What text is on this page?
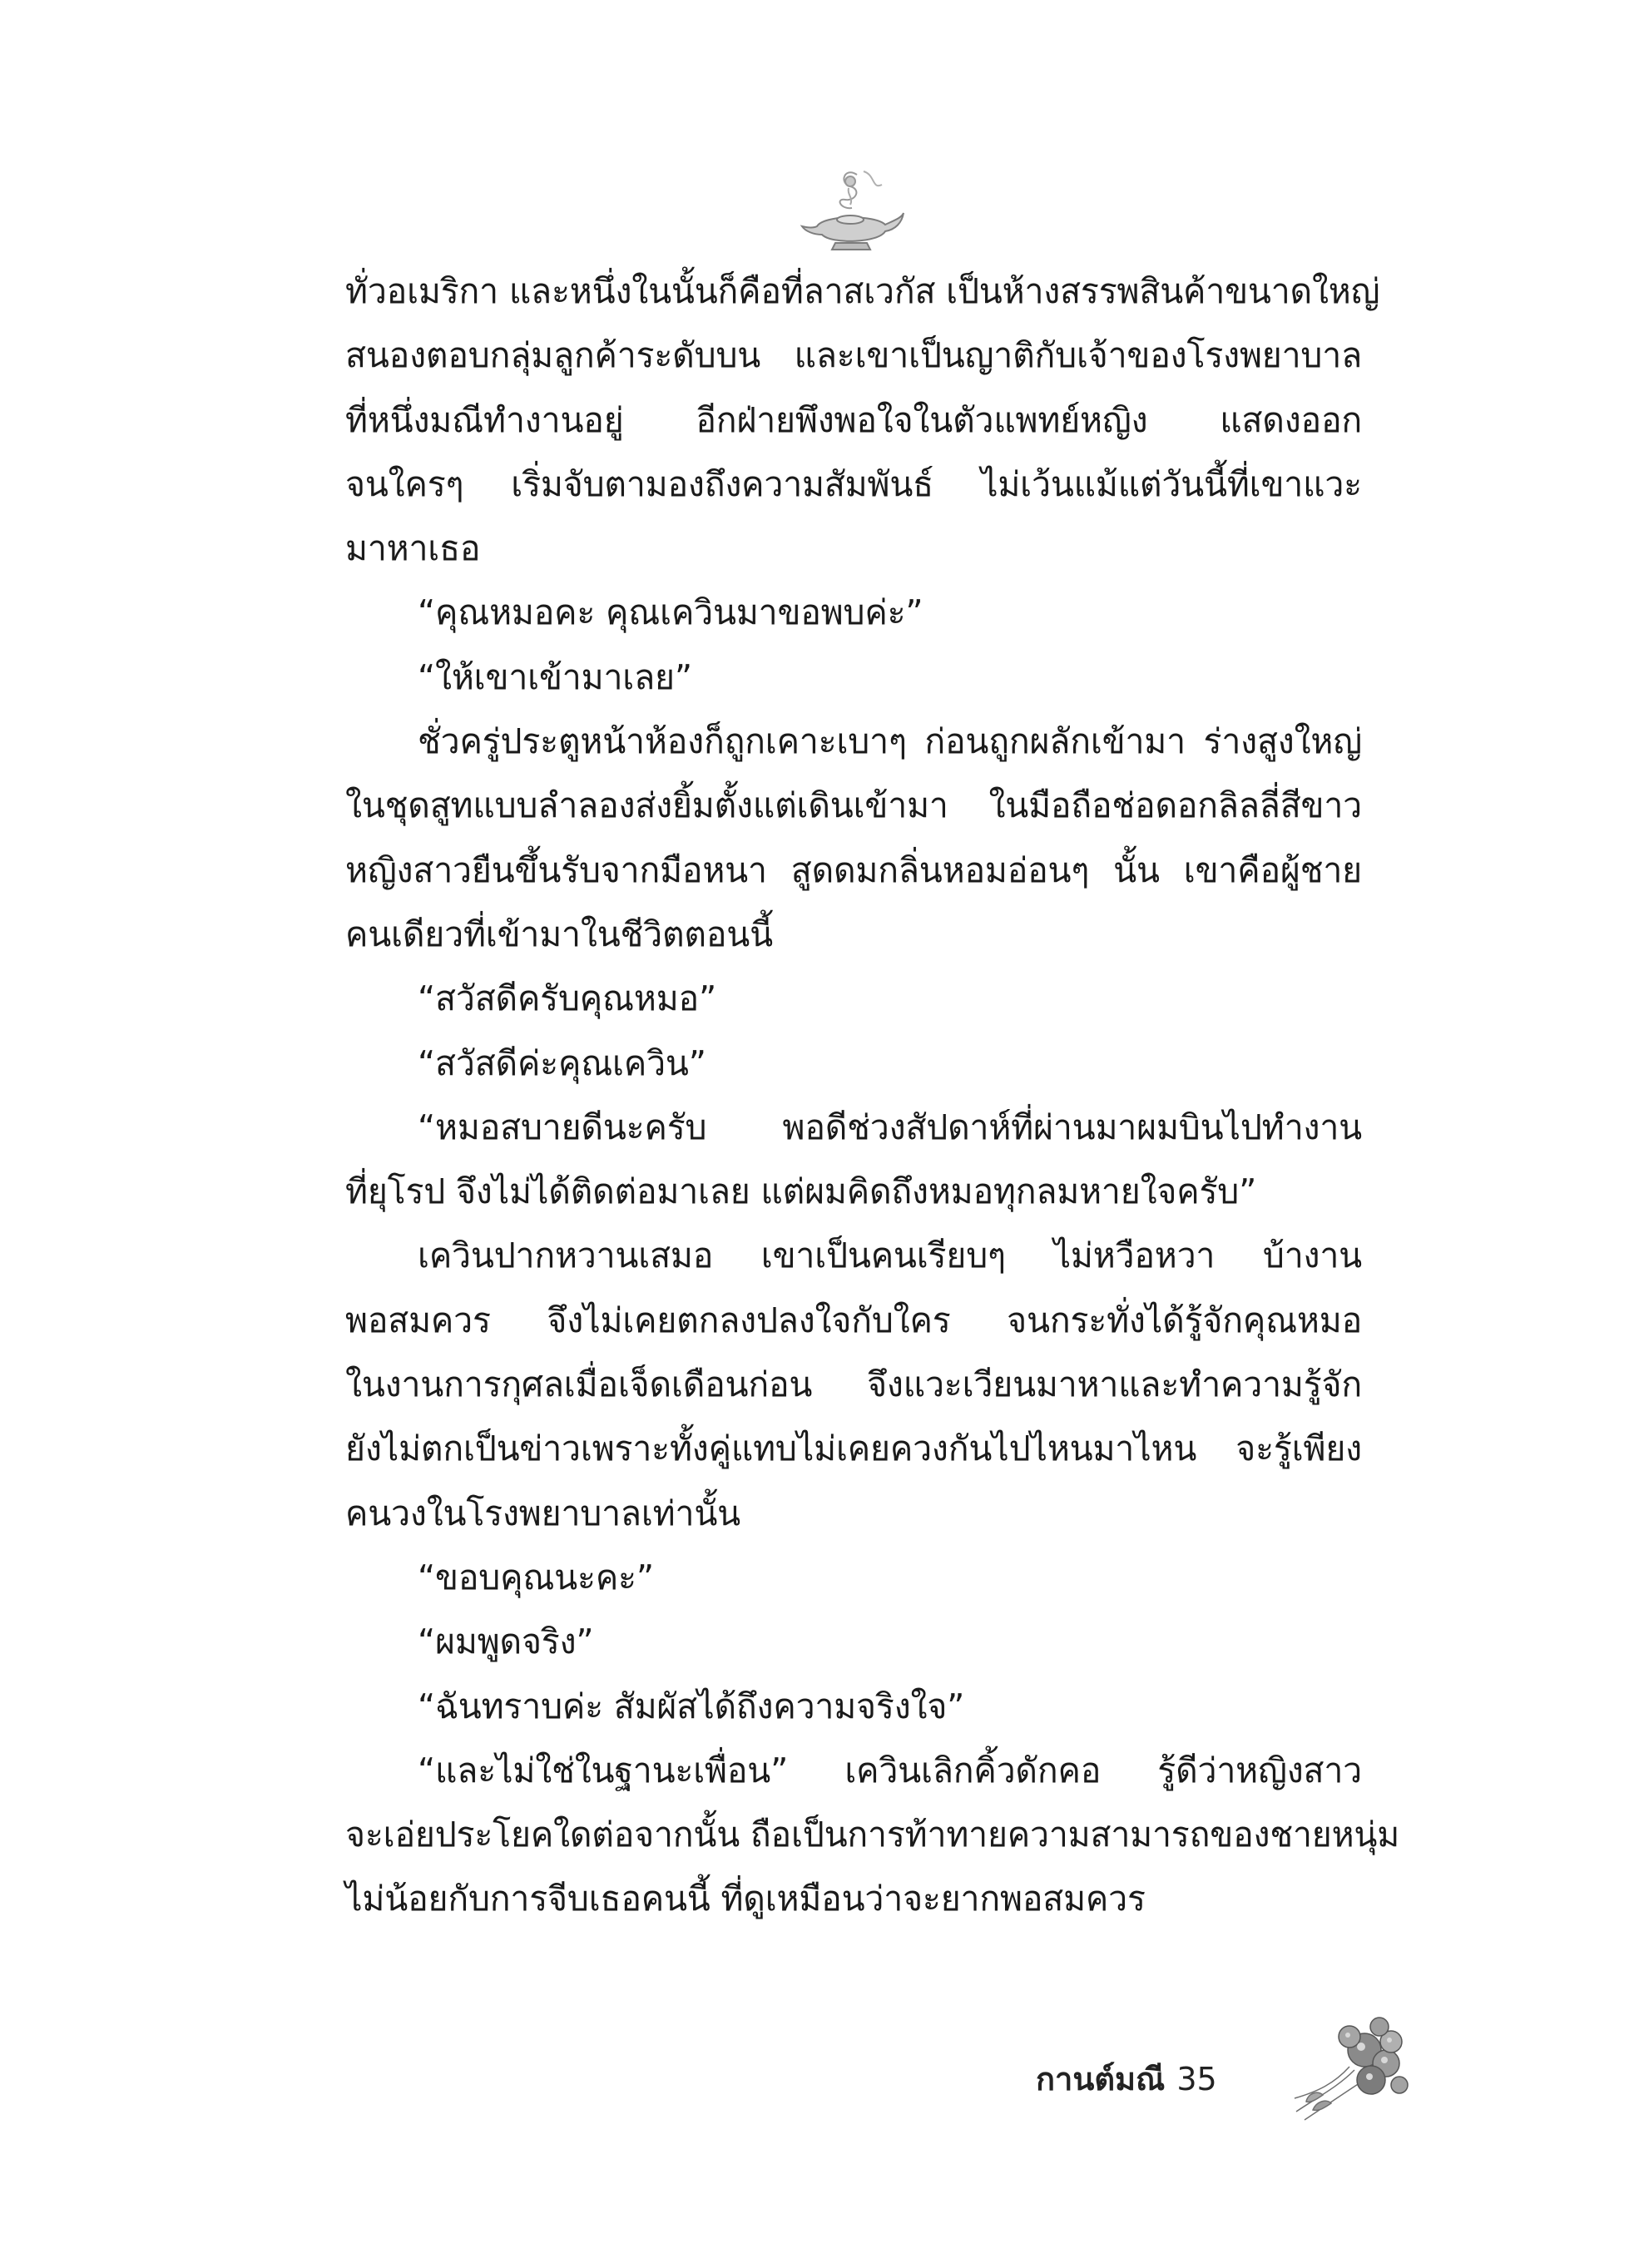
ทั่วอเมริกา และหนึ่งในนั้นก็คือที่ลาสเวกัส เป็นห้างสรรพสินค้าขนาดใหญ่
สนองตอบกลุ่มลูกค้าระดับบน และเขาเป็นญาติกับเจ้าของโรงพยาบาล
ที่หนึ่งมณีทำงานอยู่ อีกฝ่ายพึงพอใจในตัวแพทย์หญิง แสดงออก
จนใครๆ เริ่มจับตามองถึงความสัมพันธ์ ไม่เว้นแม้แต่วันนี้ที่เขาแวะ
มาหาเธอ
“คุณหมอคะ คุณเควินมาขอพบค่ะ”
“ให้เขาเข้ามาเลย”
ชั่วครู่ประตูหน้าห้องก็ถูกเคาะเบาๆ ก่อนถูกผลักเข้ามา ร่างสูงใหญ่
ในชุดสูทแบบลำลองส่งยิ้มตั้งแต่เดินเข้ามา ในมือถือช่อดอกลิลลี่สีขาว
หญิงสาวยืนขึ้นรับจากมือหนา สูดดมกลิ่นหอมอ่อนๆ นั้น เขาคือผู้ชาย
คนเดียวที่เข้ามาในชีวิตตอนนี้
“สวัสดีครับคุณหมอ”
“สวัสดีค่ะคุณเควิน”
“หมอสบายดีนะครับ พอดีช่วงสัปดาห์ที่ผ่านมาผมบินไปทำงาน
ที่ยุโรป จึงไม่ได้ติดต่อมาเลย แต่ผมคิดถึงหมอทุกลมหายใจครับ”
เควินปากหวานเสมอ เขาเป็นคนเรียบๆ ไม่หวือหวา บ้างาน
พอสมควร จึงไม่เคยตกลงปลงใจกับใคร จนกระทั่งได้รู้จักคุณหมอ
ในงานการกุศลเมื่อเจ็ดเดือนก่อน จึงแวะเวียนมาหาและทำความรู้จัก
ยังไม่ตกเป็นข่าวเพราะทั้งคู่แทบไม่เคยควงกันไปไหนมาไหน จะรู้เพียง
คนวงในโรงพยาบาลเท่านั้น
“ขอบคุณนะคะ”
“ผมพูดจริง”
“ฉันทราบค่ะ สัมผัสได้ถึงความจริงใจ”
“และไม่ใช่ในฐานะเพื่อน” เควินเลิกคิ้วดักคอ รู้ดีว่าหญิงสาว
จะเอ่ยประโยคใดต่อจากนั้น ถือเป็นการท้าทายความสามารถของชายหนุ่ม
ไม่น้อยกับการจีบเธอคนนี้ ที่ดูเหมือนว่าจะยากพอสมควร
กานต์มณี 35
